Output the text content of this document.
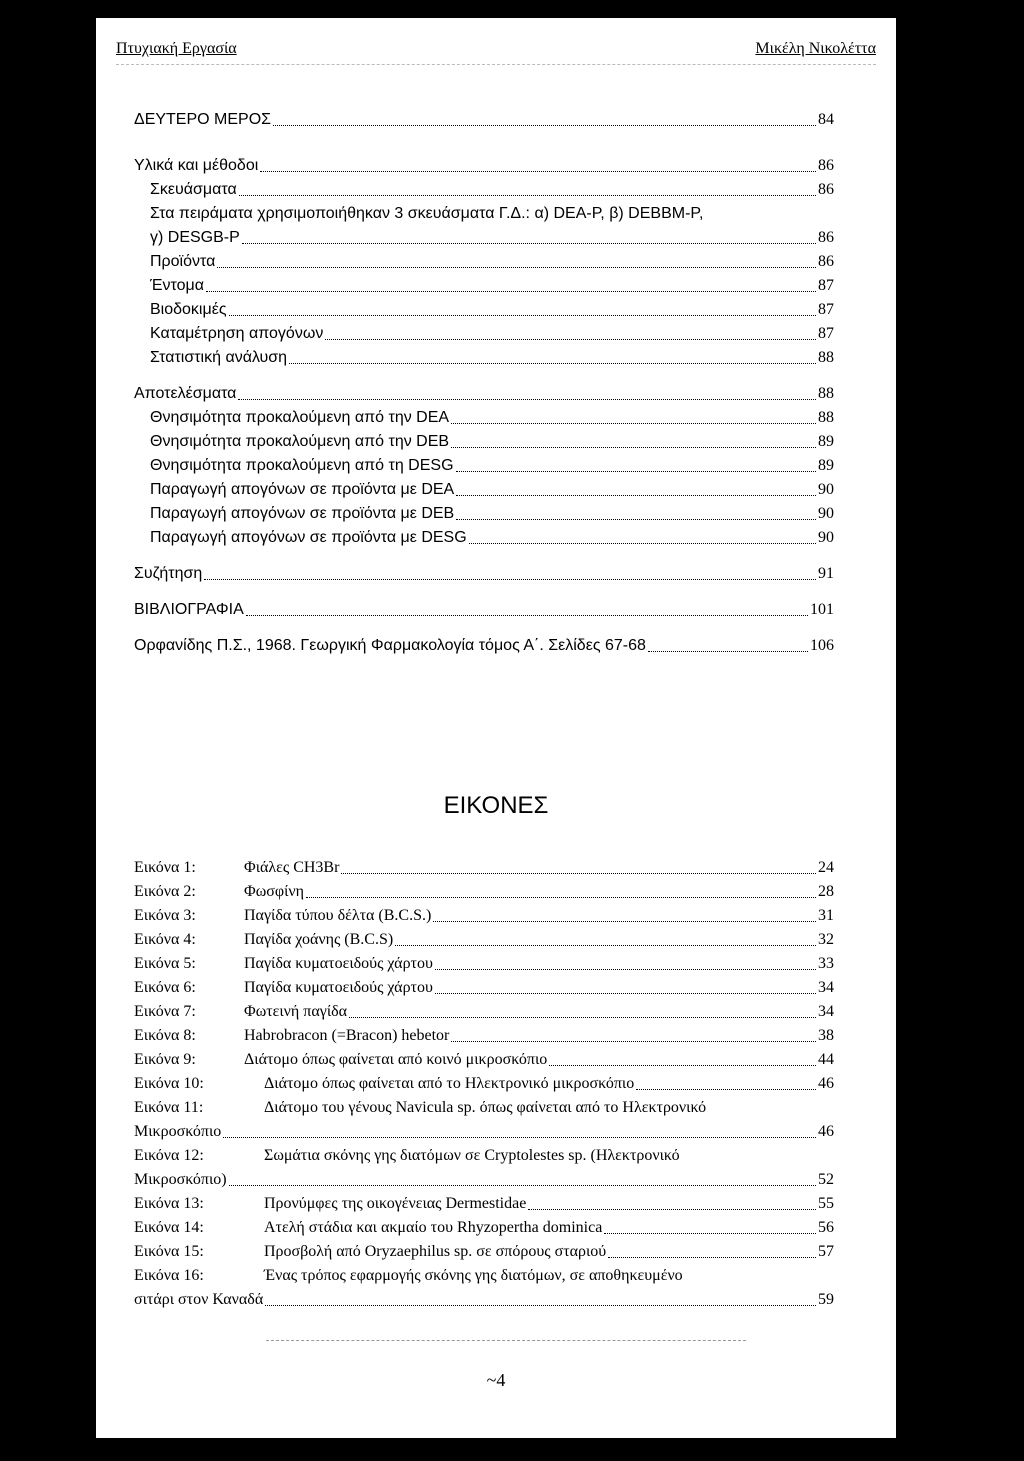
Πτυχιακή Εργασία	Μικέλη Νικολέττα
ΔΕΥΤΕΡΟ ΜΕΡΟΣ	84
Υλικά και μέθοδοι	86
Σκευάσματα	86
Στα πειράματα χρησιμοποιήθηκαν 3 σκευάσματα Γ.Δ.: α) DEA-P, β) DEBBM-P,
γ) DESGB-P	86
Προϊόντα	86
Έντομα	87
Βιοδοκιμές	87
Καταμέτρηση απογόνων	87
Στατιστική ανάλυση	88
Αποτελέσματα	88
Θνησιμότητα προκαλούμενη από την DEA	88
Θνησιμότητα προκαλούμενη από την DEB	89
Θνησιμότητα προκαλούμενη από τη DESG	89
Παραγωγή απογόνων σε προϊόντα με DEA	90
Παραγωγή απογόνων σε προϊόντα με DEB	90
Παραγωγή απογόνων σε προϊόντα με DESG	90
Συζήτηση	91
ΒΙΒΛΙΟΓΡΑΦΙΑ	101
Ορφανίδης Π.Σ., 1968. Γεωργική Φαρμακολογία τόμος Α΄. Σελίδες 67-68	106
ΕΙΚΟΝΕΣ
Εικόνα 1:	Φιάλες CH3Br	24
Εικόνα 2:	Φωσφίνη	28
Εικόνα 3:	Παγίδα τύπου δέλτα (B.C.S.)	31
Εικόνα 4:	Παγίδα χοάνης (B.C.S)	32
Εικόνα 5:	Παγίδα κυματοειδούς χάρτου	33
Εικόνα 6:	Παγίδα κυματοειδούς χάρτου	34
Εικόνα 7:	Φωτεινή παγίδα	34
Εικόνα 8:	Habrobracon (=Bracon) hebetor	38
Εικόνα 9:	Διάτομο όπως φαίνεται από κοινό μικροσκόπιο	44
Εικόνα 10:	Διάτομο όπως φαίνεται από το Ηλεκτρονικό μικροσκόπιο	46
Εικόνα 11:	Διάτομο του γένους Navicula sp. όπως φαίνεται από το Ηλεκτρονικό
Μικροσκόπιο	46
Εικόνα 12:	Σωμάτια σκόνης γης διατόμων σε Cryptolestes sp. (Ηλεκτρονικό
Μικροσκόπιο)	52
Εικόνα 13:	Προνύμφες της οικογένειας Dermestidae	55
Εικόνα 14:	Ατελή στάδια και ακμαίο του Rhyzopertha dominica	56
Εικόνα 15:	Προσβολή από Oryzaephilus sp. σε σπόρους σταριού	57
Εικόνα 16:	Ένας τρόπος εφαρμογής σκόνης γης διατόμων, σε αποθηκευμένο
σιτάρι στον Καναδά	59
~4
